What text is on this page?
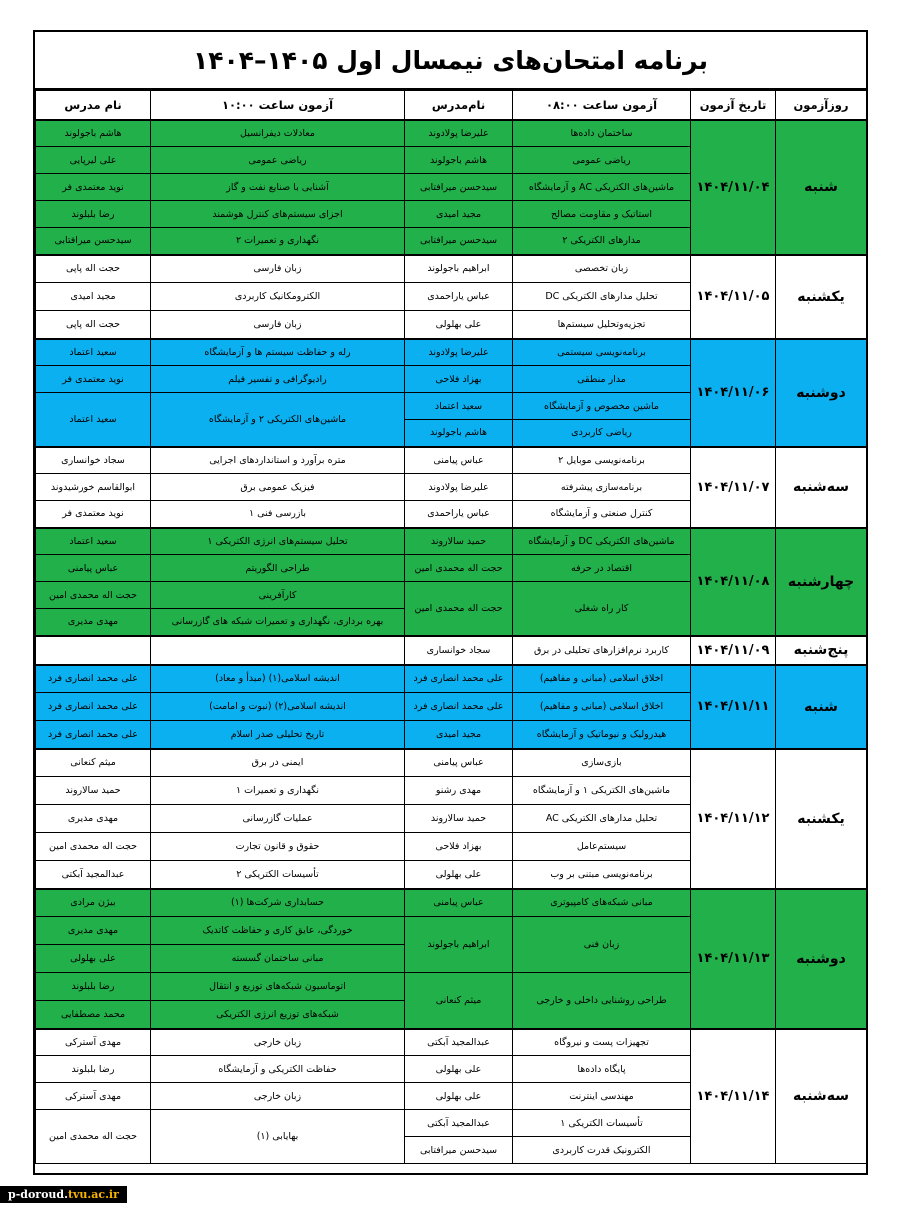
برنامه امتحان‌های نیمسال اول ۱۴۰۵–۱۴۰۴
روزآزمون	تاریخ آزمون	آزمون ساعت ۰۸:۰۰	نام‌مدرس	آزمون ساعت ۱۰:۰۰	نام مدرس
شنبه	۱۴۰۴/۱۱/۰۴	ساختمان داده‌ها	علیرضا پولادوند	معادلات دیفرانسیل	هاشم باجولوند
		ریاضی عمومی	هاشم باجولوند	ریاضی عمومی	علی لیرپایی
		ماشین‌های الکتریکی AC و آزمایشگاه	سیدحسن میرافتابی	آشنایی با صنایع نفت و گاز	نوید معتمدی فر
		استاتیک و مقاومت مصالح	مجید امیدی	اجزای سیستم‌های کنترل هوشمند	رضا بلبلوند
		مدارهای الکتریکی ۲	سیدحسن میرافتابی	نگهداری و تعمیرات ۲	سیدحسن میرافتابی
یکشنبه	۱۴۰۴/۱۱/۰۵	زبان تخصصی	ابراهیم باجولوند	زبان فارسی	حجت اله پاپی
		تحلیل مدارهای الکتریکی DC	عباس یاراحمدی	الکترومکانیک کاربردی	مجید امیدی
		تجزیه‌وتحلیل سیستم‌ها	علی بهلولی	زبان فارسی	حجت اله پاپی
دوشنبه	۱۴۰۴/۱۱/۰۶	برنامه‌نویسی سیستمی	علیرضا پولادوند	رله و حفاظت سیستم ها و آزمایشگاه	سعید اعتماد
		مدار منطقی	بهزاد فلاحی	رادیوگرافی و تفسیر فیلم	نوید معتمدی فر
		ماشین مخصوص و آزمایشگاه	سعید اعتماد	ماشین‌های الکتریکی ۲ و آزمایشگاه	سعید اعتماد
		ریاضی کاربردی	هاشم باجولوند		
سه‌شنبه	۱۴۰۴/۱۱/۰۷	برنامه‌نویسی موبایل ۲	عباس پیامنی	متره برآورد و استانداردهای اجرایی	سجاد خوانساری
		برنامه‌سازی پیشرفته	علیرضا پولادوند	فیزیک عمومی برق	ابوالقاسم خورشیدوند
		کنترل صنعتی و آزمایشگاه	عباس یاراحمدی	بازرسی فنی ۱	نوید معتمدی فر
چهارشنبه	۱۴۰۴/۱۱/۰۸	ماشین‌های الکتریکی DC و آزمایشگاه	حمید سالاروند	تحلیل سیستم‌های انرژی الکتریکی ۱	سعید اعتماد
		اقتصاد در حرفه	حجت اله محمدی امین	طراحی الگوریتم	عباس پیامنی
		کار راه شغلی	حجت اله محمدی امین	کارآفرینی	حجت اله محمدی امین
				بهره برداری، نگهداری و تعمیرات شبکه های گازرسانی	مهدی مدیری
پنج‌شنبه	۱۴۰۴/۱۱/۰۹	کاربرد نرم‌افزارهای تحلیلی در برق	سجاد خوانساری		
شنبه	۱۴۰۴/۱۱/۱۱	اخلاق اسلامی (مبانی و مفاهیم)	علی محمد انصاری فرد	اندیشه اسلامی(۱) (مبدأ و معاد)	علی محمد انصاری فرد
		اخلاق اسلامی (مبانی و مفاهیم)	علی محمد انصاری فرد	اندیشه اسلامی(۲) (نبوت و امامت)	علی محمد انصاری فرد
		هیدرولیک و نیوماتیک و آزمایشگاه	مجید امیدی	تاریخ تحلیلی صدر اسلام	علی محمد انصاری فرد
یکشنبه	۱۴۰۴/۱۱/۱۲	بازی‌سازی	عباس پیامنی	ایمنی در برق	میثم کنعانی
		ماشین‌های الکتریکی ۱ و آزمایشگاه	مهدی رشنو	نگهداری و تعمیرات ۱	حمید سالاروند
		تحلیل مدارهای الکتریکی AC	حمید سالاروند	عملیات گازرسانی	مهدی مدیری
		سیستم‌عامل	بهزاد فلاحی	حقوق و قانون تجارت	حجت اله محمدی امین
		برنامه‌نویسی مبتنی بر وب	علی بهلولی	تأسیسات الکتریکی ۲	عبدالمجید آبکتی
دوشنبه	۱۴۰۴/۱۱/۱۳	مبانی شبکه‌های کامپیوتری	عباس پیامنی	حسابداری شرکت‌ها (۱)	بیژن مرادی
		زبان فنی	ابراهیم باجولوند	خوردگی، عایق کاری و حفاظت کاتدیک	مهدی مدیری
				مبانی ساختمان گسسته	علی بهلولی
		طراحی روشنایی داخلی و خارجی	میثم کنعانی	اتوماسیون شبکه‌های توزیع و انتقال	رضا بلبلوند
				شبکه‌های توزیع انرژی الکتریکی	محمد مصطفایی
سه‌شنبه	۱۴۰۴/۱۱/۱۴	تجهیزات پست و نیروگاه	عبدالمجید آبکتی	زبان خارجی	مهدی آسترکی
		پایگاه داده‌ها	علی بهلولی	حفاظت الکتریکی و آزمایشگاه	رضا بلبلوند
		مهندسی اینترنت	علی بهلولی	زبان خارجی	مهدی آسترکی
		تأسیسات الکتریکی ۱	عبدالمجید آبکتی	بهایابی (۱)	حجت اله محمدی امین
		الکترونیک قدرت کاربردی	سیدحسن میرافتابی		
p-doroud.tvu.ac.ir
